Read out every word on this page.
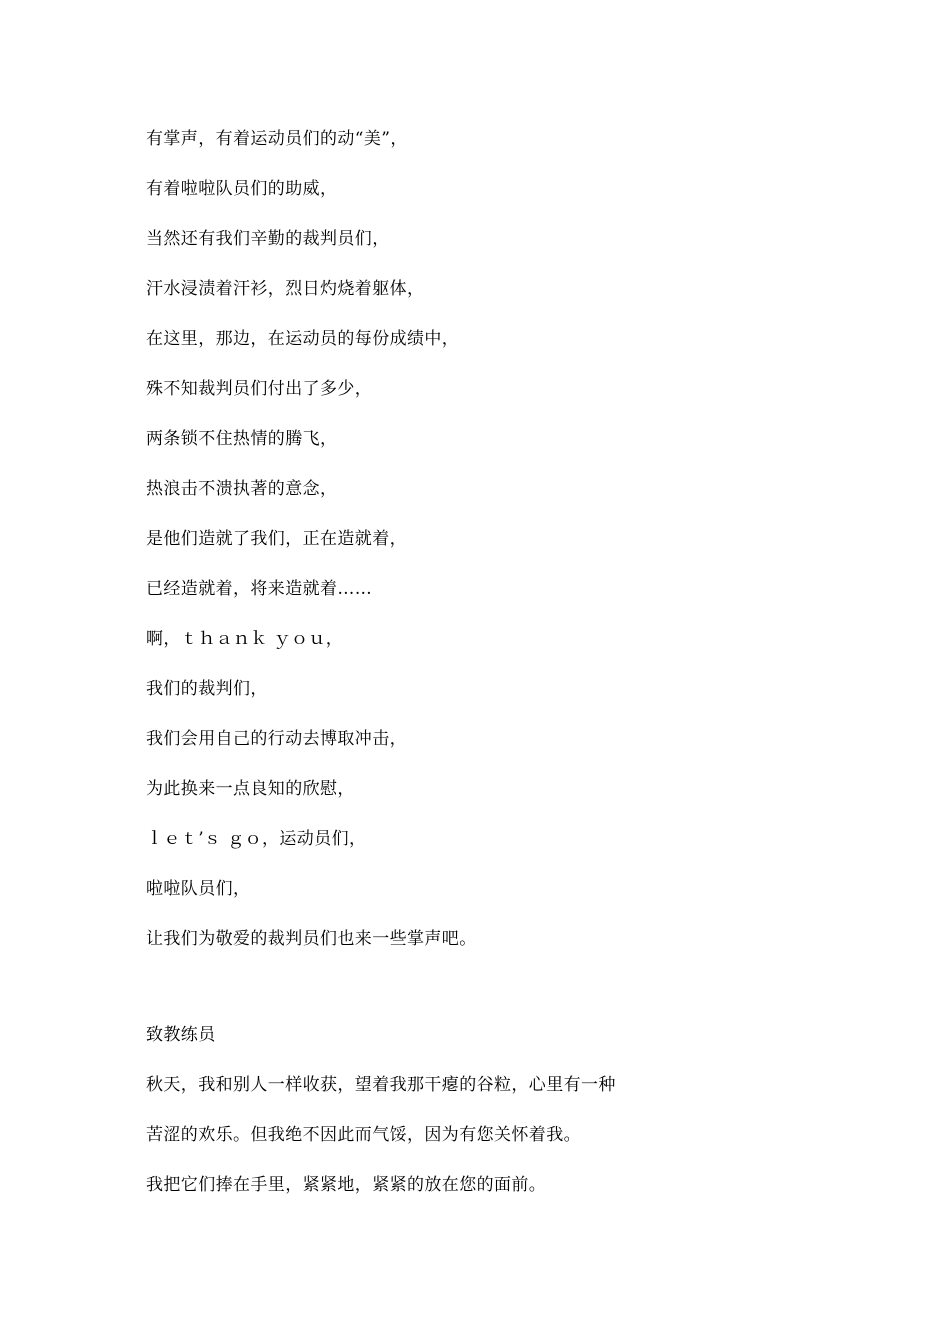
有掌声，有着运动员们的动“美”，
有着啦啦队员们的助威，
当然还有我们辛勤的裁判员们，
汗水浸渍着汗衫，烈日灼烧着躯体，
在这里，那边，在运动员的每份成绩中，
殊不知裁判员们付出了多少，
两条锁不住热情的腾飞，
热浪击不溃执著的意念，
是他们造就了我们，正在造就着，
已经造就着，将来造就着……
啊，ｔｈａｎｋ ｙｏｕ，
我们的裁判们，
我们会用自己的行动去博取冲击，
为此换来一点良知的欣慰，
ｌｅｔ’ｓ ｇｏ，运动员们，
啦啦队员们，
让我们为敬爱的裁判员们也来一些掌声吧。
致教练员
秋天，我和别人一样收获，望着我那干瘪的谷粒，心里有一种
苦涩的欢乐。但我绝不因此而气馁，因为有您关怀着我。
我把它们捧在手里，紧紧地，紧紧的放在您的面前。
